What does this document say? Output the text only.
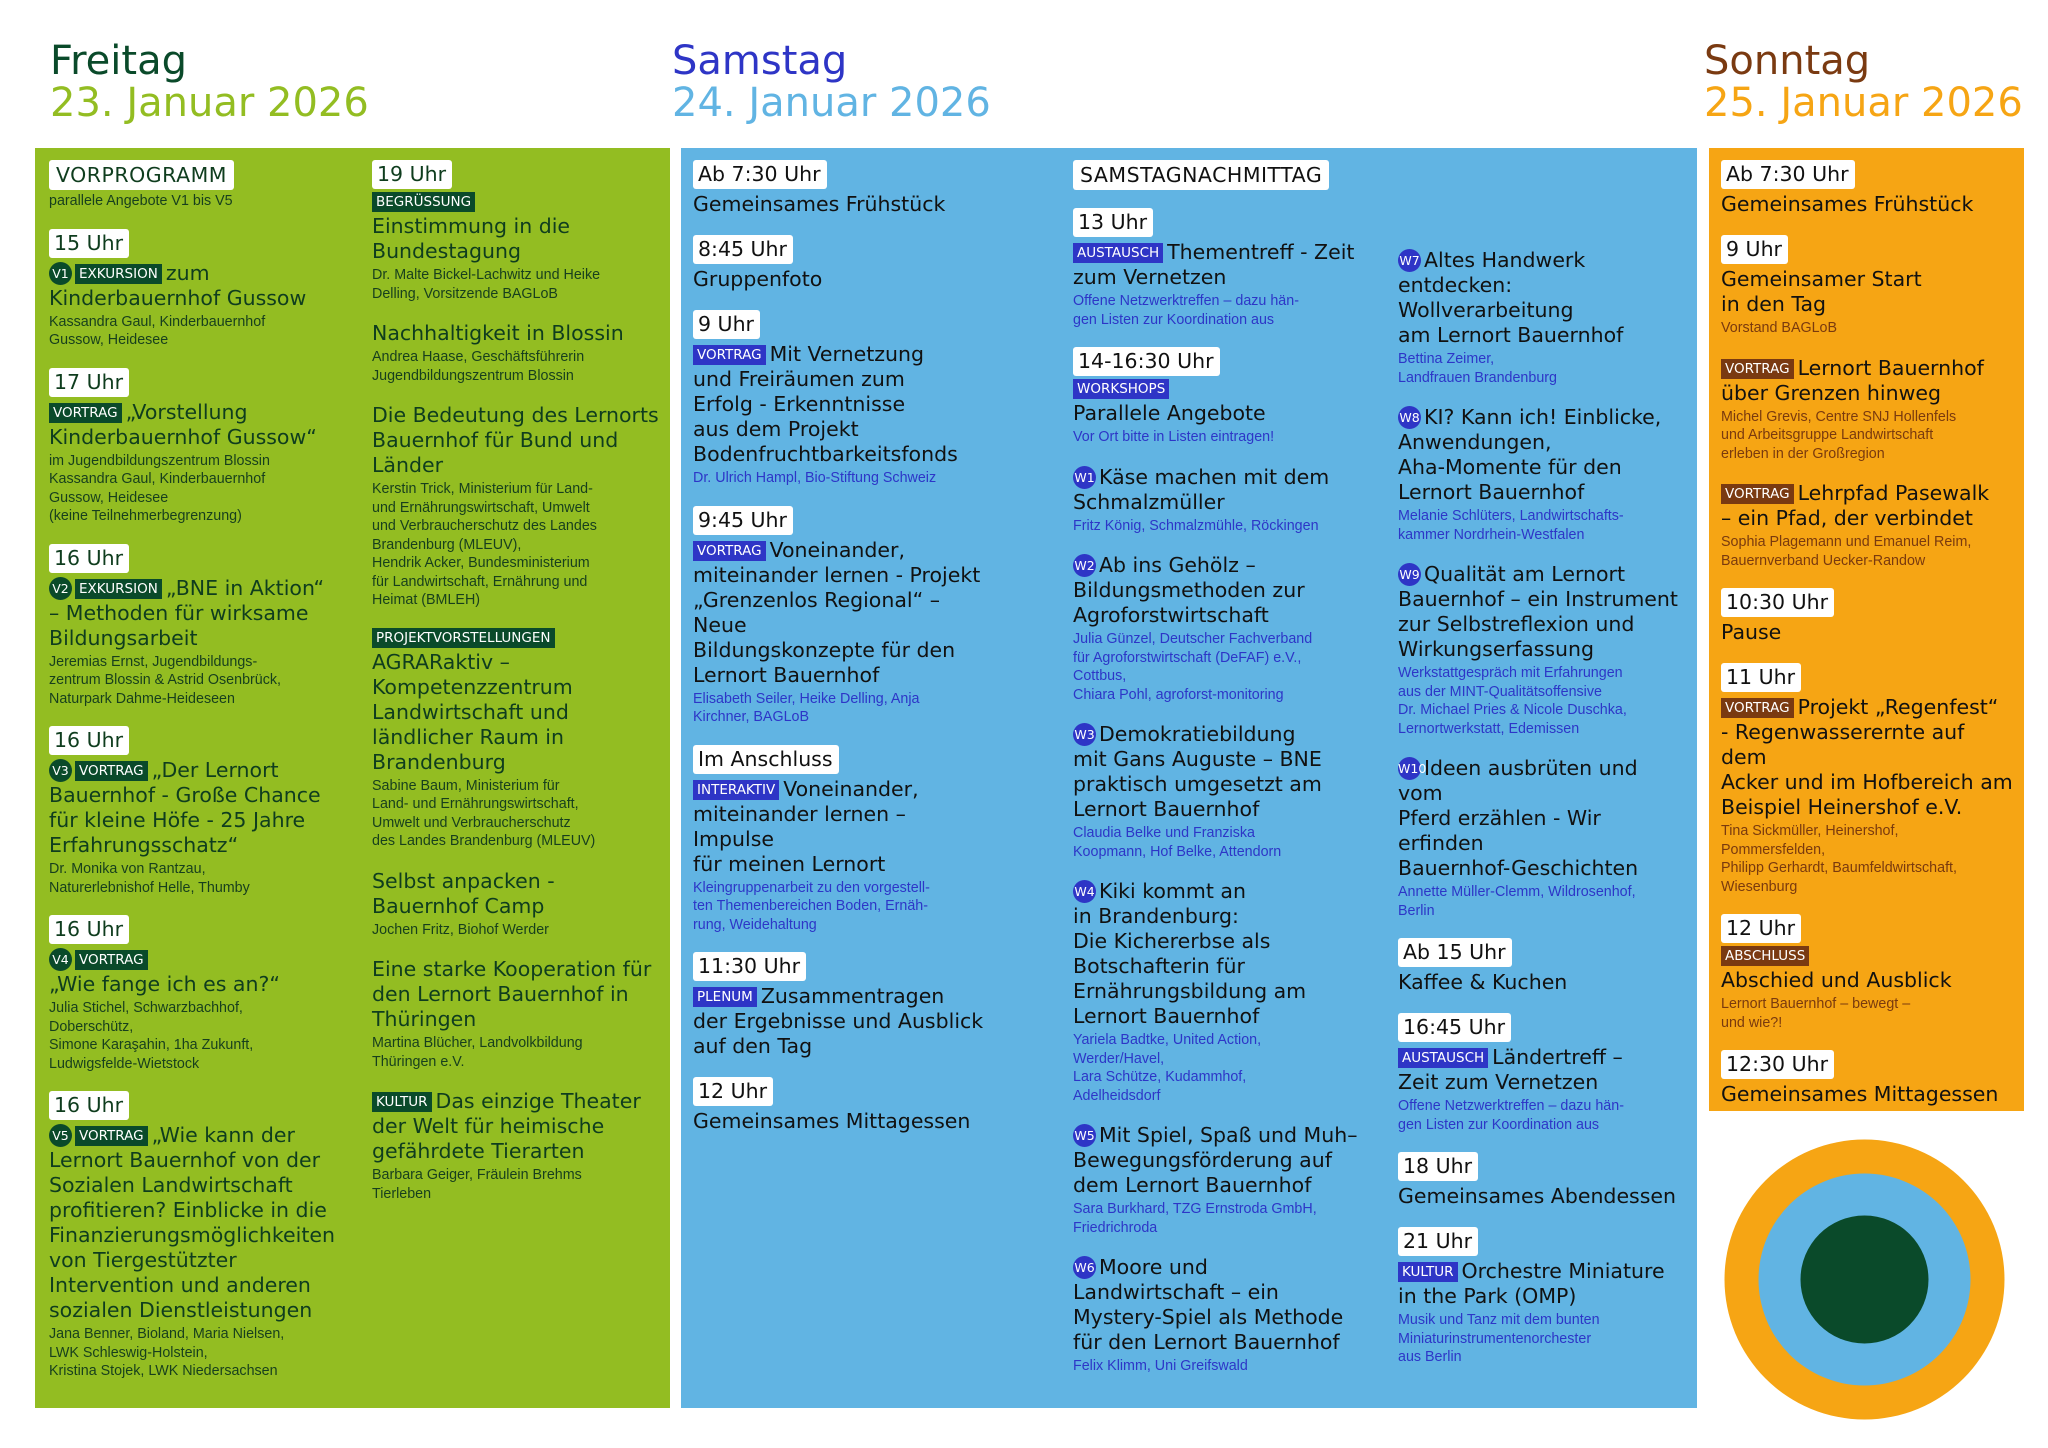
Freitag
23. Januar 2026
Samstag
24. Januar 2026
Sonntag
25. Januar 2026
VORPROGRAMM
parallele Angebote V1 bis V5
15 Uhr
V1 EXKURSION zum
Kinderbauernhof Gussow
Kassandra Gaul, Kinderbauernhof
Gussow, Heidesee
17 Uhr
VORTRAG „Vorstellung
Kinderbauernhof Gussow“
im Jugendbildungszentrum Blossin
Kassandra Gaul, Kinderbauernhof
Gussow, Heidesee
(keine Teilnehmerbegrenzung)
16 Uhr
V2 EXKURSION „BNE in Aktion“
– Methoden für wirksame
Bildungsarbeit
Jeremias Ernst, Jugendbildungs-
zentrum Blossin & Astrid Osenbrück,
Naturpark Dahme-Heideseen
16 Uhr
V3 VORTRAG „Der Lernort
Bauernhof - Große Chance
für kleine Höfe - 25 Jahre
Erfahrungsschatz“
Dr. Monika von Rantzau,
Naturerlebnishof Helle, Thumby
16 Uhr
V4 VORTRAG
„Wie fange ich es an?“
Julia Stichel, Schwarzbachhof,
Doberschütz,
Simone Karaşahin, 1ha Zukunft,
Ludwigsfelde-Wietstock
16 Uhr
V5 VORTRAG „Wie kann der
Lernort Bauernhof von der
Sozialen Landwirtschaft
profitieren? Einblicke in die
Finanzierungsmöglichkeiten
von Tiergestützter
Intervention und anderen
sozialen Dienstleistungen
Jana Benner, Bioland, Maria Nielsen,
LWK Schleswig-Holstein,
Kristina Stojek, LWK Niedersachsen
19 Uhr
BEGRÜSSUNG
Einstimmung in die
Bundestagung
Dr. Malte Bickel-Lachwitz und Heike
Delling, Vorsitzende BAGLoB
Nachhaltigkeit in Blossin
Andrea Haase, Geschäftsführerin
Jugendbildungszentrum Blossin
Die Bedeutung des Lernorts
Bauernhof für Bund und
Länder
Kerstin Trick, Ministerium für Land-
und Ernährungswirtschaft, Umwelt
und Verbraucherschutz des Landes
Brandenburg (MLEUV),
Hendrik Acker, Bundesministerium
für Landwirtschaft, Ernährung und
Heimat (BMLEH)
PROJEKTVORSTELLUNGEN
AGRARaktiv –
Kompetenzzentrum
Landwirtschaft und
ländlicher Raum in
Brandenburg
Sabine Baum, Ministerium für
Land- und Ernährungswirtschaft,
Umwelt und Verbraucherschutz
des Landes Brandenburg (MLEUV)
Selbst anpacken -
Bauernhof Camp
Jochen Fritz, Biohof Werder
Eine starke Kooperation für
den Lernort Bauernhof in
Thüringen
Martina Blücher, Landvolkbildung
Thüringen e.V.
KULTUR Das einzige Theater
der Welt für heimische
gefährdete Tierarten
Barbara Geiger, Fräulein Brehms
Tierleben
Ab 7:30 Uhr
Gemeinsames Frühstück
8:45 Uhr
Gruppenfoto
9 Uhr
VORTRAG Mit Vernetzung
und Freiräumen zum
Erfolg - Erkenntnisse
aus dem Projekt
Bodenfruchtbarkeitsfonds
Dr. Ulrich Hampl, Bio-Stiftung Schweiz
9:45 Uhr
VORTRAG Voneinander,
miteinander lernen - Projekt
„Grenzenlos Regional“ – Neue
Bildungskonzepte für den
Lernort Bauernhof
Elisabeth Seiler, Heike Delling, Anja
Kirchner, BAGLoB
Im Anschluss
INTERAKTIV Voneinander,
miteinander lernen – Impulse
für meinen Lernort
Kleingruppenarbeit zu den vorgestell-
ten Themenbereichen Boden, Ernäh-
rung, Weidehaltung
11:30 Uhr
PLENUM Zusammentragen
der Ergebnisse und Ausblick
auf den Tag
12 Uhr
Gemeinsames Mittagessen
SAMSTAGNACHMITTAG
13 Uhr
AUSTAUSCH Thementreff - Zeit
zum Vernetzen
Offene Netzwerktreffen – dazu hän-
gen Listen zur Koordination aus
14-16:30 Uhr
WORKSHOPS
Parallele Angebote
Vor Ort bitte in Listen eintragen!
W1 Käse machen mit dem
Schmalzmüller
Fritz König, Schmalzmühle, Röckingen
W2 Ab ins Gehölz –
Bildungsmethoden zur
Agroforstwirtschaft
Julia Günzel, Deutscher Fachverband
für Agroforstwirtschaft (DeFAF) e.V.,
Cottbus,
Chiara Pohl, agroforst-monitoring
W3 Demokratiebildung
mit Gans Auguste – BNE
praktisch umgesetzt am
Lernort Bauernhof
Claudia Belke und Franziska
Koopmann, Hof Belke, Attendorn
W4 Kiki kommt an
in Brandenburg:
Die Kichererbse als
Botschafterin für
Ernährungsbildung am
Lernort Bauernhof
Yariela Badtke, United Action,
Werder/Havel,
Lara Schütze, Kudammhof,
Adelheidsdorf
W5 Mit Spiel, Spaß und Muh–
Bewegungsförderung auf
dem Lernort Bauernhof
Sara Burkhard, TZG Ernstroda GmbH,
Friedrichroda
W6 Moore und
Landwirtschaft – ein
Mystery-Spiel als Methode
für den Lernort Bauernhof
Felix Klimm, Uni Greifswald
W7 Altes Handwerk
entdecken: Wollverarbeitung
am Lernort Bauernhof
Bettina Zeimer,
Landfrauen Brandenburg
W8 KI? Kann ich! Einblicke,
Anwendungen,
Aha-Momente für den
Lernort Bauernhof
Melanie Schlüters, Landwirtschafts-
kammer Nordrhein-Westfalen
W9 Qualität am Lernort
Bauernhof – ein Instrument
zur Selbstreflexion und
Wirkungserfassung
Werkstattgespräch mit Erfahrungen
aus der MINT-Qualitätsoffensive
Dr. Michael Pries & Nicole Duschka,
Lernortwerkstatt, Edemissen
W10Ideen ausbrüten und vom
Pferd erzählen - Wir erfinden
Bauernhof-Geschichten
Annette Müller-Clemm, Wildrosenhof,
Berlin
Ab 15 Uhr
Kaffee & Kuchen
16:45 Uhr
AUSTAUSCH Ländertreff –
Zeit zum Vernetzen
Offene Netzwerktreffen – dazu hän-
gen Listen zur Koordination aus
18 Uhr
Gemeinsames Abendessen
21 Uhr
KULTUR Orchestre Miniature
in the Park (OMP)
Musik und Tanz mit dem bunten
Miniaturinstrumentenorchester
aus Berlin
Ab 7:30 Uhr
Gemeinsames Frühstück
9 Uhr
Gemeinsamer Start
in den Tag
Vorstand BAGLoB
VORTRAG Lernort Bauernhof
über Grenzen hinweg
Michel Grevis, Centre SNJ Hollenfels
und Arbeitsgruppe Landwirtschaft
erleben in der Großregion
VORTRAG Lehrpfad Pasewalk
– ein Pfad, der verbindet
Sophia Plagemann und Emanuel Reim,
Bauernverband Uecker-Randow
10:30 Uhr
Pause
11 Uhr
VORTRAG Projekt „Regenfest“
- Regenwasserernte auf dem
Acker und im Hofbereich am
Beispiel Heinershof e.V.
Tina Sickmüller, Heinershof,
Pommersfelden,
Philipp Gerhardt, Baumfeldwirtschaft,
Wiesenburg
12 Uhr
ABSCHLUSS
Abschied und Ausblick
Lernort Bauernhof – bewegt –
und wie?!
12:30 Uhr
Gemeinsames Mittagessen
